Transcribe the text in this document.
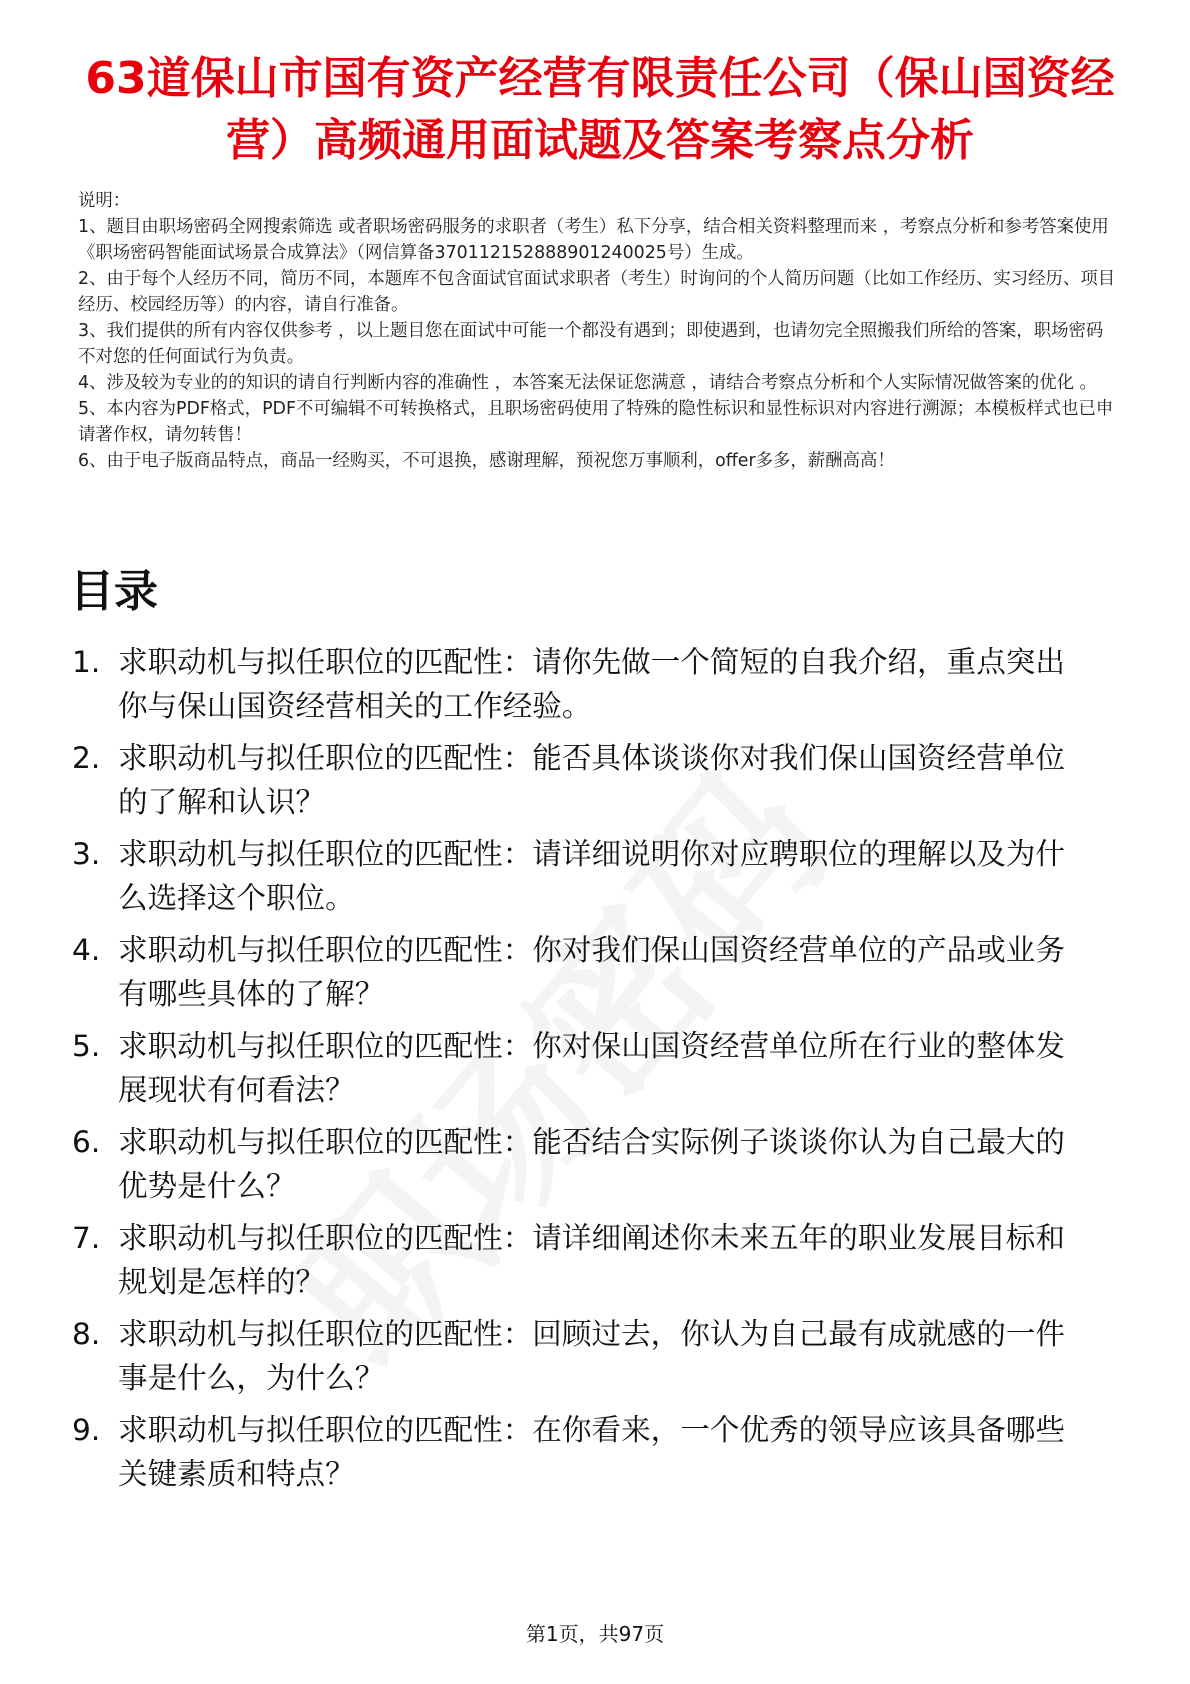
63道保山市国有资产经营有限责任公司（保山国资经营）高频通用面试题及答案考察点分析

说明：

1、题目由职场密码全网搜索筛选 或者职场密码服务的求职者（考生）私下分享，结合相关资料整理而来 ，考察点分析和参考答案使用《职场密码智能面试场景合成算法》（网信算备370112152888901240025号）生成。

2、由于每个人经历不同，简历不同，本题库不包含面试官面试求职者（考生）时询问的个人简历问题（比如工作经历、实习经历、项目经历、校园经历等）的内容，请自行准备。

3、我们提供的所有内容仅供参考 ，以上题目您在面试中可能一个都没有遇到；即使遇到，也请勿完全照搬我们所给的答案，职场密码不对您的任何面试行为负责。

4、涉及较为专业的的知识的请自行判断内容的准确性 ，本答案无法保证您满意 ，请结合考察点分析和个人实际情况做答案的优化 。

5、本内容为PDF格式，PDF不可编辑不可转换格式，且职场密码使用了特殊的隐性标识和显性标识对内容进行溯源；本模板样式也已申请著作权，请勿转售！

6、由于电子版商品特点，商品一经购买，不可退换，感谢理解，预祝您万事顺利，offer多多，薪酬高高！

目录
1. 求职动机与拟任职位的匹配性：请你先做一个简短的自我介绍，重点突出你与保山国资经营相关的工作经验。
2. 求职动机与拟任职位的匹配性：能否具体谈谈你对我们保山国资经营单位的了解和认识？
3. 求职动机与拟任职位的匹配性：请详细说明你对应聘职位的理解以及为什么选择这个职位。
4. 求职动机与拟任职位的匹配性：你对我们保山国资经营单位的产品或业务有哪些具体的了解？
5. 求职动机与拟任职位的匹配性：你对保山国资经营单位所在行业的整体发展现状有何看法？
6. 求职动机与拟任职位的匹配性：能否结合实际例子谈谈你认为自己最大的优势是什么？
7. 求职动机与拟任职位的匹配性：请详细阐述你未来五年的职业发展目标和规划是怎样的？
8. 求职动机与拟任职位的匹配性：回顾过去，你认为自己最有成就感的一件事是什么，为什么？
9. 求职动机与拟任职位的匹配性：在你看来，一个优秀的领导应该具备哪些关键素质和特点？
第1页，共97页
